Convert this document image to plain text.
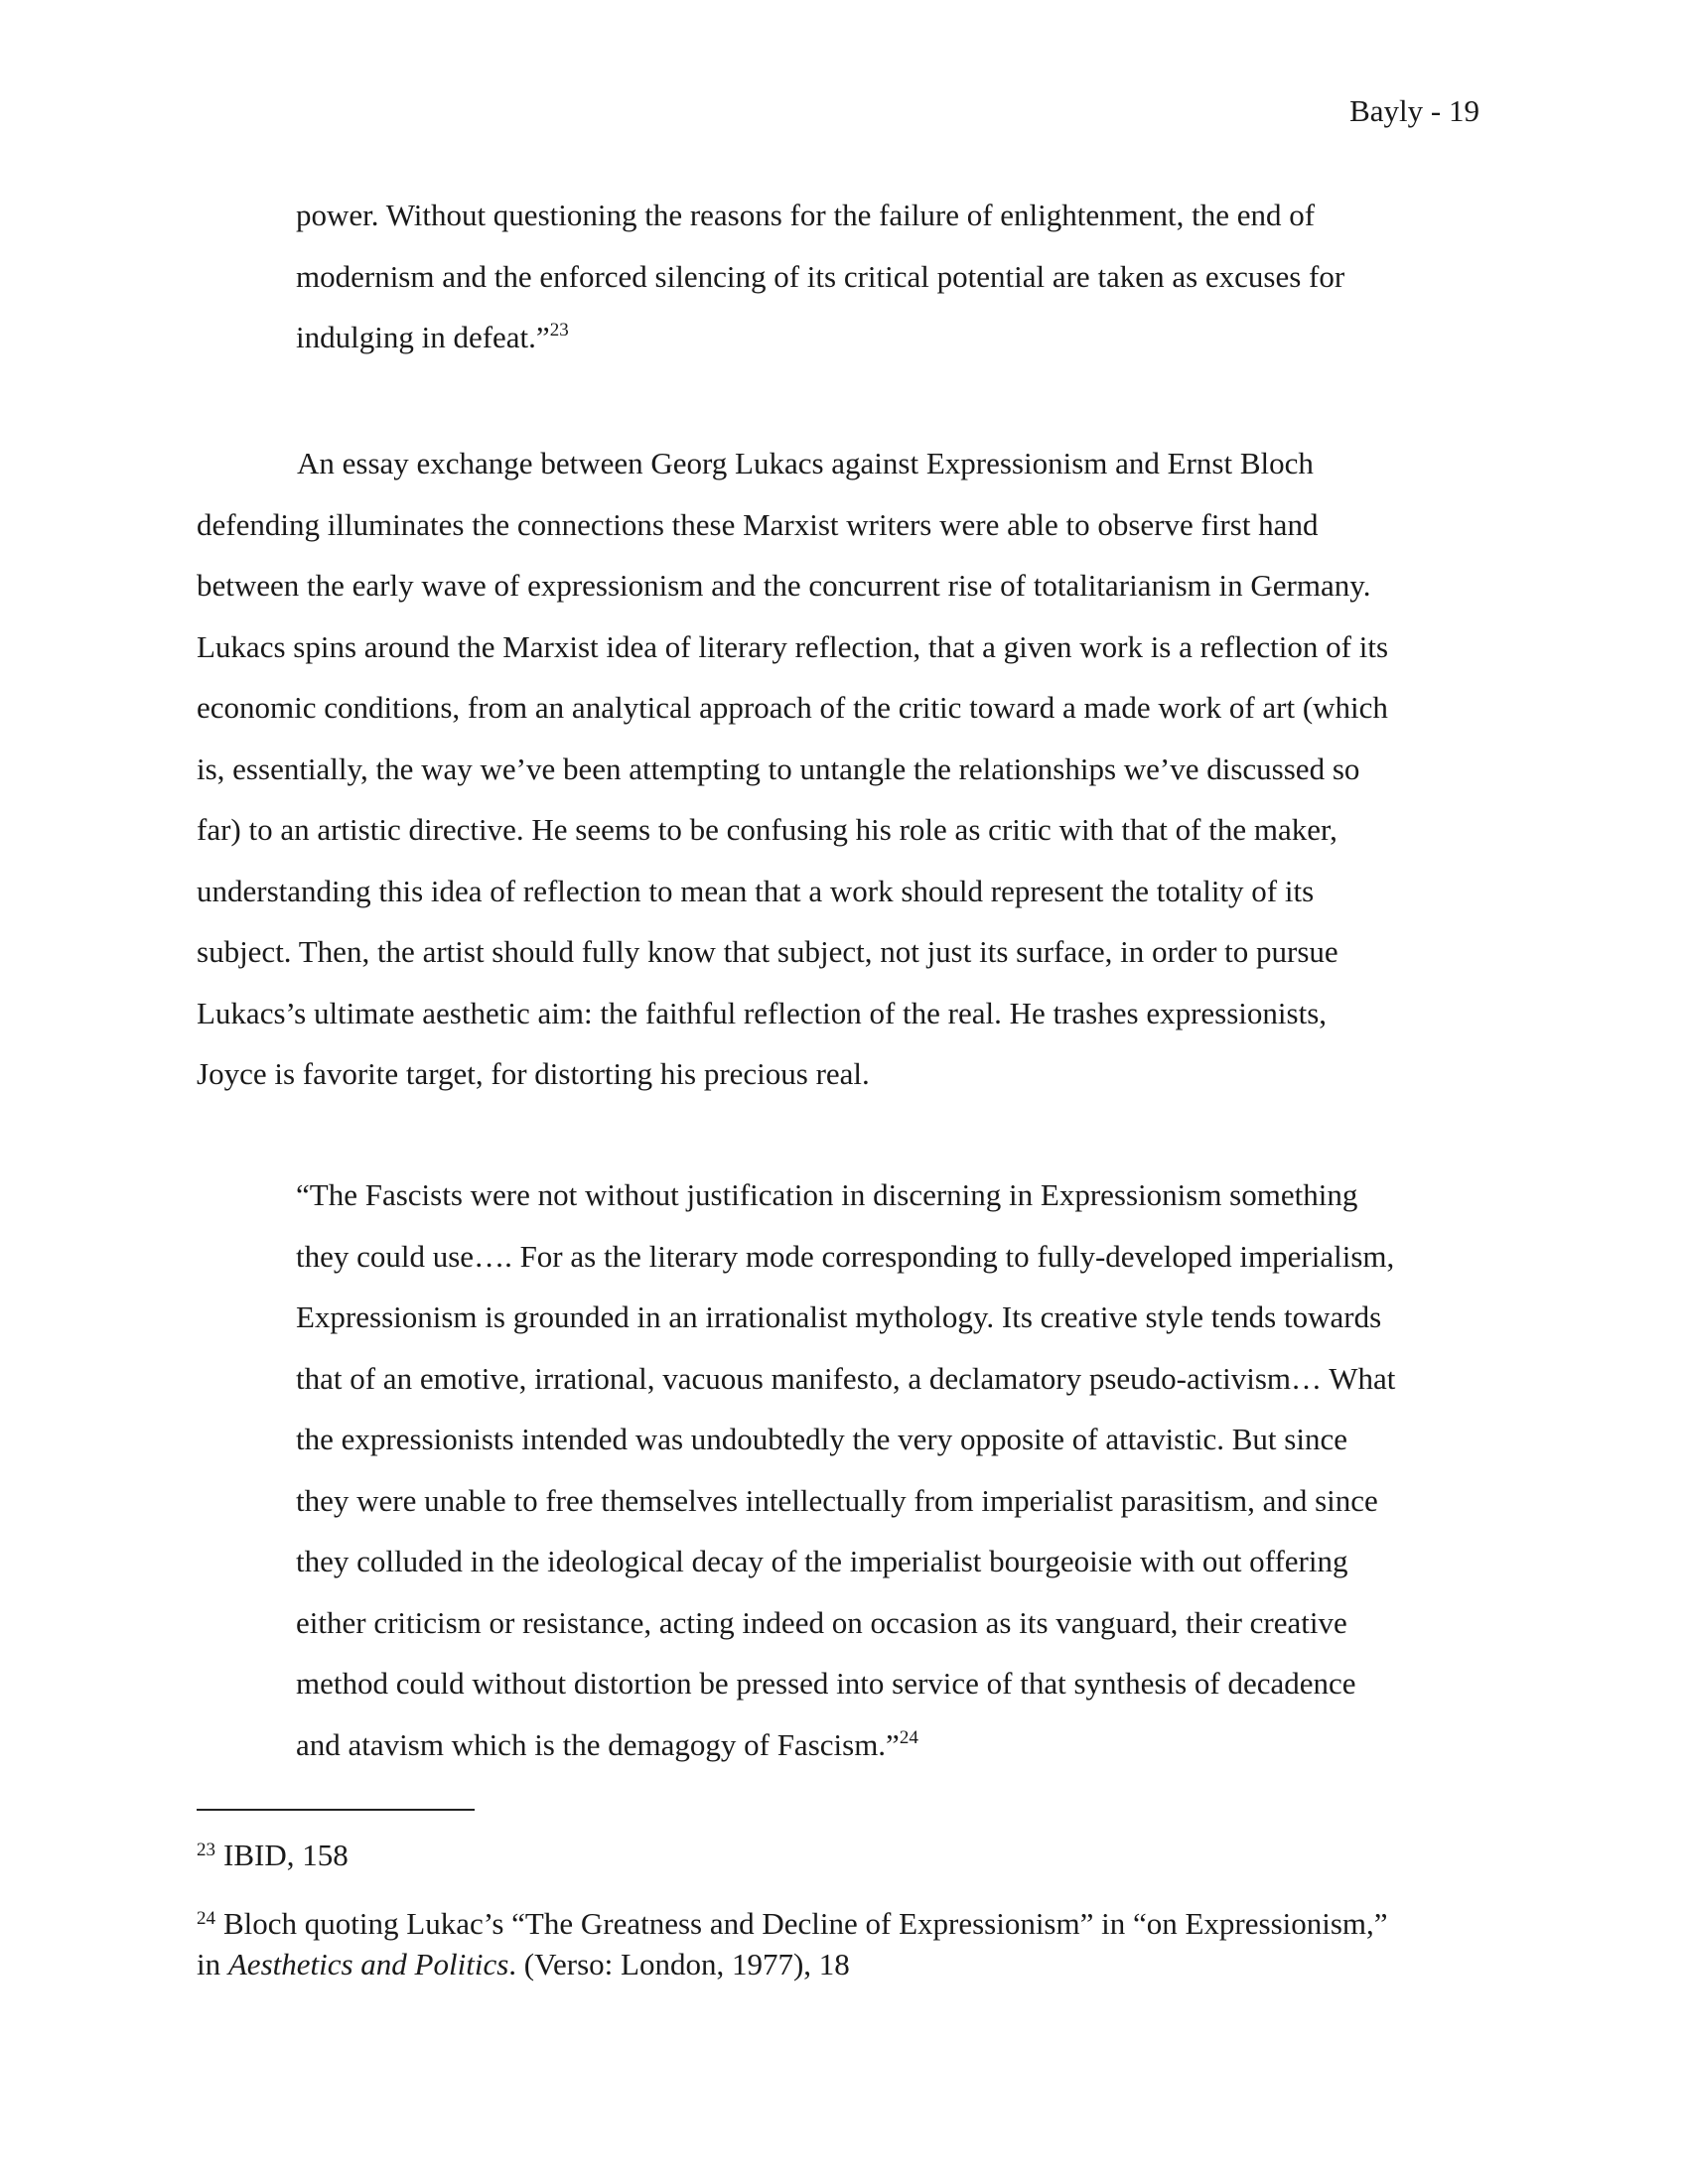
Bayly - 19

power. Without questioning the reasons for the failure of enlightenment, the end of
modernism and the enforced silencing of its critical potential are taken as excuses for
indulging in defeat.”$^{23}$

An essay exchange between Georg Lukacs against Expressionism and Ernst Bloch
defending illuminates the connections these Marxist writers were able to observe first hand
between the early wave of expressionism and the concurrent rise of totalitarianism in Germany.
Lukacs spins around the Marxist idea of literary reflection, that a given work is a reflection of its
economic conditions, from an analytical approach of the critic toward a made work of art (which
is, essentially, the way we’ve been attempting to untangle the relationships we’ve discussed so
far) to an artistic directive. He seems to be confusing his role as critic with that of the maker,
understanding this idea of reflection to mean that a work should represent the totality of its
subject. Then, the artist should fully know that subject, not just its surface, in order to pursue
Lukacs’s ultimate aesthetic aim: the faithful reflection of the real. He trashes expressionists,
Joyce is favorite target, for distorting his precious real.

“The Fascists were not without justification in discerning in Expressionism something
they could use…. For as the literary mode corresponding to fully-developed imperialism,
Expressionism is grounded in an irrationalist mythology. Its creative style tends towards
that of an emotive, irrational, vacuous manifesto, a declamatory pseudo-activism… What
the expressionists intended was undoubtedly the very opposite of attavistic. But since
they were unable to free themselves intellectually from imperialist parasitism, and since
they colluded in the ideological decay of the imperialist bourgeoisie with out offering
either criticism or resistance, acting indeed on occasion as its vanguard, their creative
method could without distortion be pressed into service of that synthesis of decadence
and atavism which is the demagogy of Fascism.”$^{24}$

$^{23}$ IBID, 158

$^{24}$ Bloch quoting Lukac’s “The Greatness and Decline of Expressionism” in “on Expressionism,”
in Aesthetics and Politics. (Verso: London, 1977), 18
